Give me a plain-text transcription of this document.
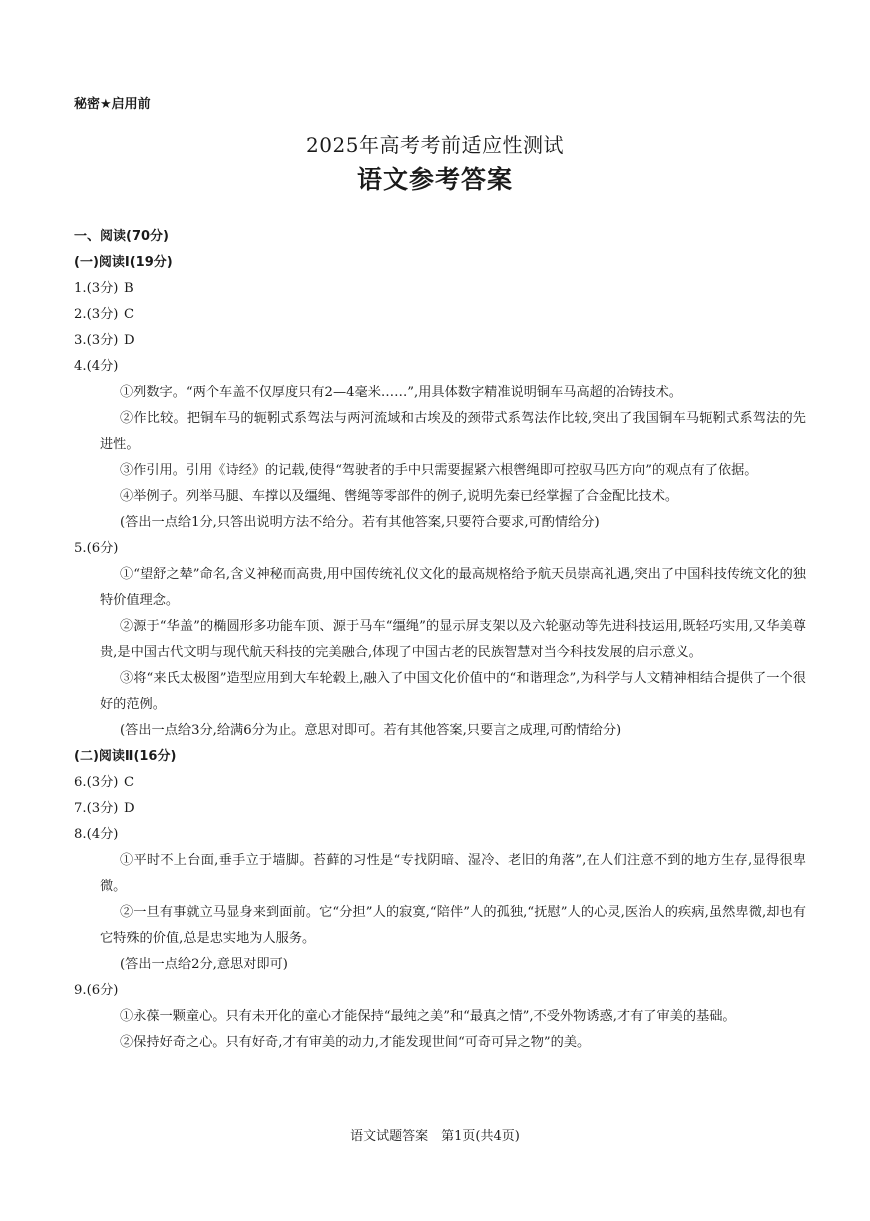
秘密★启用前
2025年高考考前适应性测试
语文参考答案
一、阅读(70分)
(一)阅读Ⅰ(19分)
1.(3分) B
2.(3分) C
3.(3分) D
4.(4分)
①列数字。“两个车盖不仅厚度只有2—4毫米……”,用具体数字精准说明铜车马高超的冶铸技术。
②作比较。把铜车马的轭靷式系驾法与两河流域和古埃及的颈带式系驾法作比较,突出了我国铜车马轭靷式系驾法的先进性。
③作引用。引用《诗经》的记载,使得“驾驶者的手中只需要握紧六根辔绳即可控驭马匹方向”的观点有了依据。
④举例子。列举马腿、车撑以及缰绳、辔绳等零部件的例子,说明先秦已经掌握了合金配比技术。
(答出一点给1分,只答出说明方法不给分。若有其他答案,只要符合要求,可酌情给分)
5.(6分)
①“望舒之辇”命名,含义神秘而高贵,用中国传统礼仪文化的最高规格给予航天员崇高礼遇,突出了中国科技传统文化的独特价值理念。
②源于“华盖”的椭圆形多功能车顶、源于马车“缰绳”的显示屏支架以及六轮驱动等先进科技运用,既轻巧实用,又华美尊贵,是中国古代文明与现代航天科技的完美融合,体现了中国古老的民族智慧对当今科技发展的启示意义。
③将“来氏太极图”造型应用到大车轮毂上,融入了中国文化价值中的“和谐理念”,为科学与人文精神相结合提供了一个很好的范例。
(答出一点给3分,给满6分为止。意思对即可。若有其他答案,只要言之成理,可酌情给分)
(二)阅读Ⅱ(16分)
6.(3分) C
7.(3分) D
8.(4分)
①平时不上台面,垂手立于墙脚。苔藓的习性是“专找阴暗、湿冷、老旧的角落”,在人们注意不到的地方生存,显得很卑微。
②一旦有事就立马显身来到面前。它“分担”人的寂寞,“陪伴”人的孤独,“抚慰”人的心灵,医治人的疾病,虽然卑微,却也有它特殊的价值,总是忠实地为人服务。
(答出一点给2分,意思对即可)
9.(6分)
①永葆一颗童心。只有未开化的童心才能保持“最纯之美”和“最真之情”,不受外物诱惑,才有了审美的基础。
②保持好奇之心。只有好奇,才有审美的动力,才能发现世间“可奇可异之物”的美。
语文试题答案　第1页(共4页)
